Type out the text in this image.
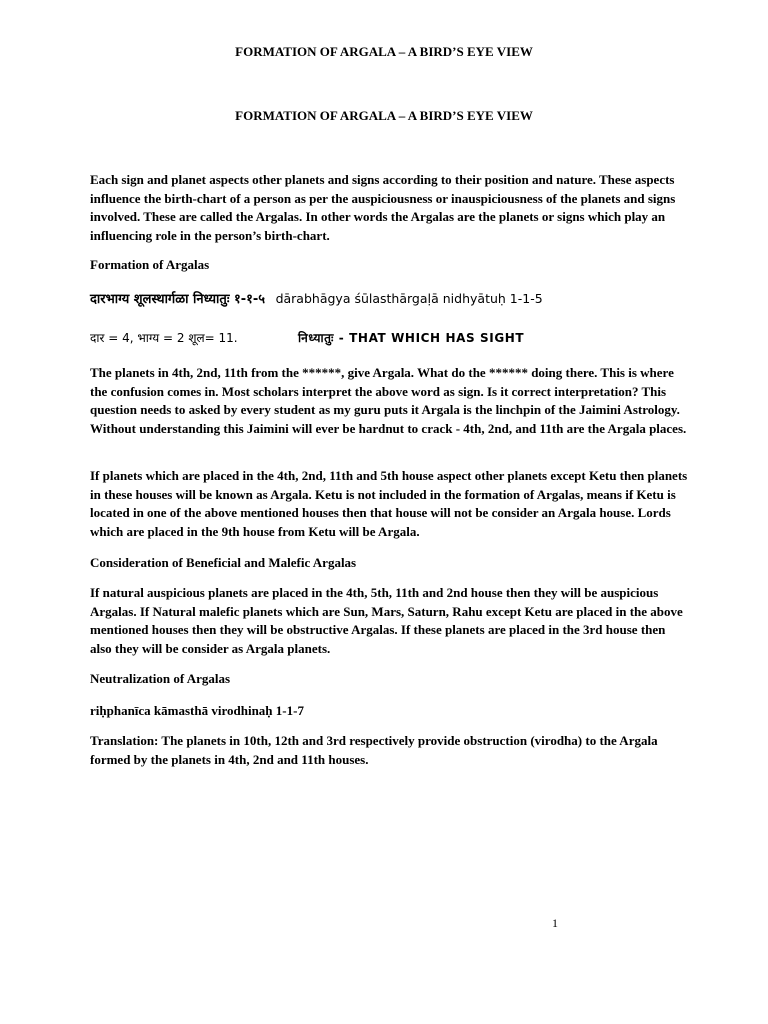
FORMATION OF ARGALA – A BIRD’S EYE VIEW
FORMATION OF ARGALA – A BIRD’S EYE VIEW

Each sign and planet aspects other planets and signs according to their position and nature. These aspects influence the birth-chart of a person as per the auspiciousness or inauspiciousness of the planets and signs involved. These are called the Argalas. In other words the Argalas are the planets or signs which play an influencing role in the person’s birth-chart.

Formation of Argalas
दारभाग्य शूलस्थार्गळा निध्यातुः १-१-५ dārabhāgya śūlasthārgaḷā nidhyātuḥ 1-1-5
दार = 4, भाग्य = 2 शूल= 11.	निध्यातुः - THAT WHICH HAS SIGHT

The planets in 4th, 2nd, 11th from the ******, give Argala. What do the ****** doing there. This is where the confusion comes in. Most scholars interpret the above word as sign. Is it correct interpretation? This question needs to asked by every student as my guru puts it Argala is the linchpin of the Jaimini Astrology. Without understanding this Jaimini will ever be hardnut to crack - 4th, 2nd, and 11th are the Argala places.

If planets which are placed in the 4th, 2nd, 11th and 5th house aspect other planets except Ketu then planets in these houses will be known as Argala. Ketu is not included in the formation of Argalas, means if Ketu is located in one of the above mentioned houses then that house will not be consider an Argala house. Lords which are placed in the 9th house from Ketu will be Argala.

Consideration of Beneficial and Malefic Argalas

If natural auspicious planets are placed in the 4th, 5th, 11th and 2nd house then they will be auspicious Argalas. If Natural malefic planets which are Sun, Mars, Saturn, Rahu except Ketu are placed in the above mentioned houses then they will be obstructive Argalas. If these planets are placed in the 3rd house then also they will be consider as Argala planets.

Neutralization of Argalas
riḥphanīca kāmasthā virodhinaḥ 1-1-7

Translation: The planets in 10th, 12th and 3rd respectively provide obstruction (virodha) to the Argala formed by the planets in 4th, 2nd and 11th houses.

1
